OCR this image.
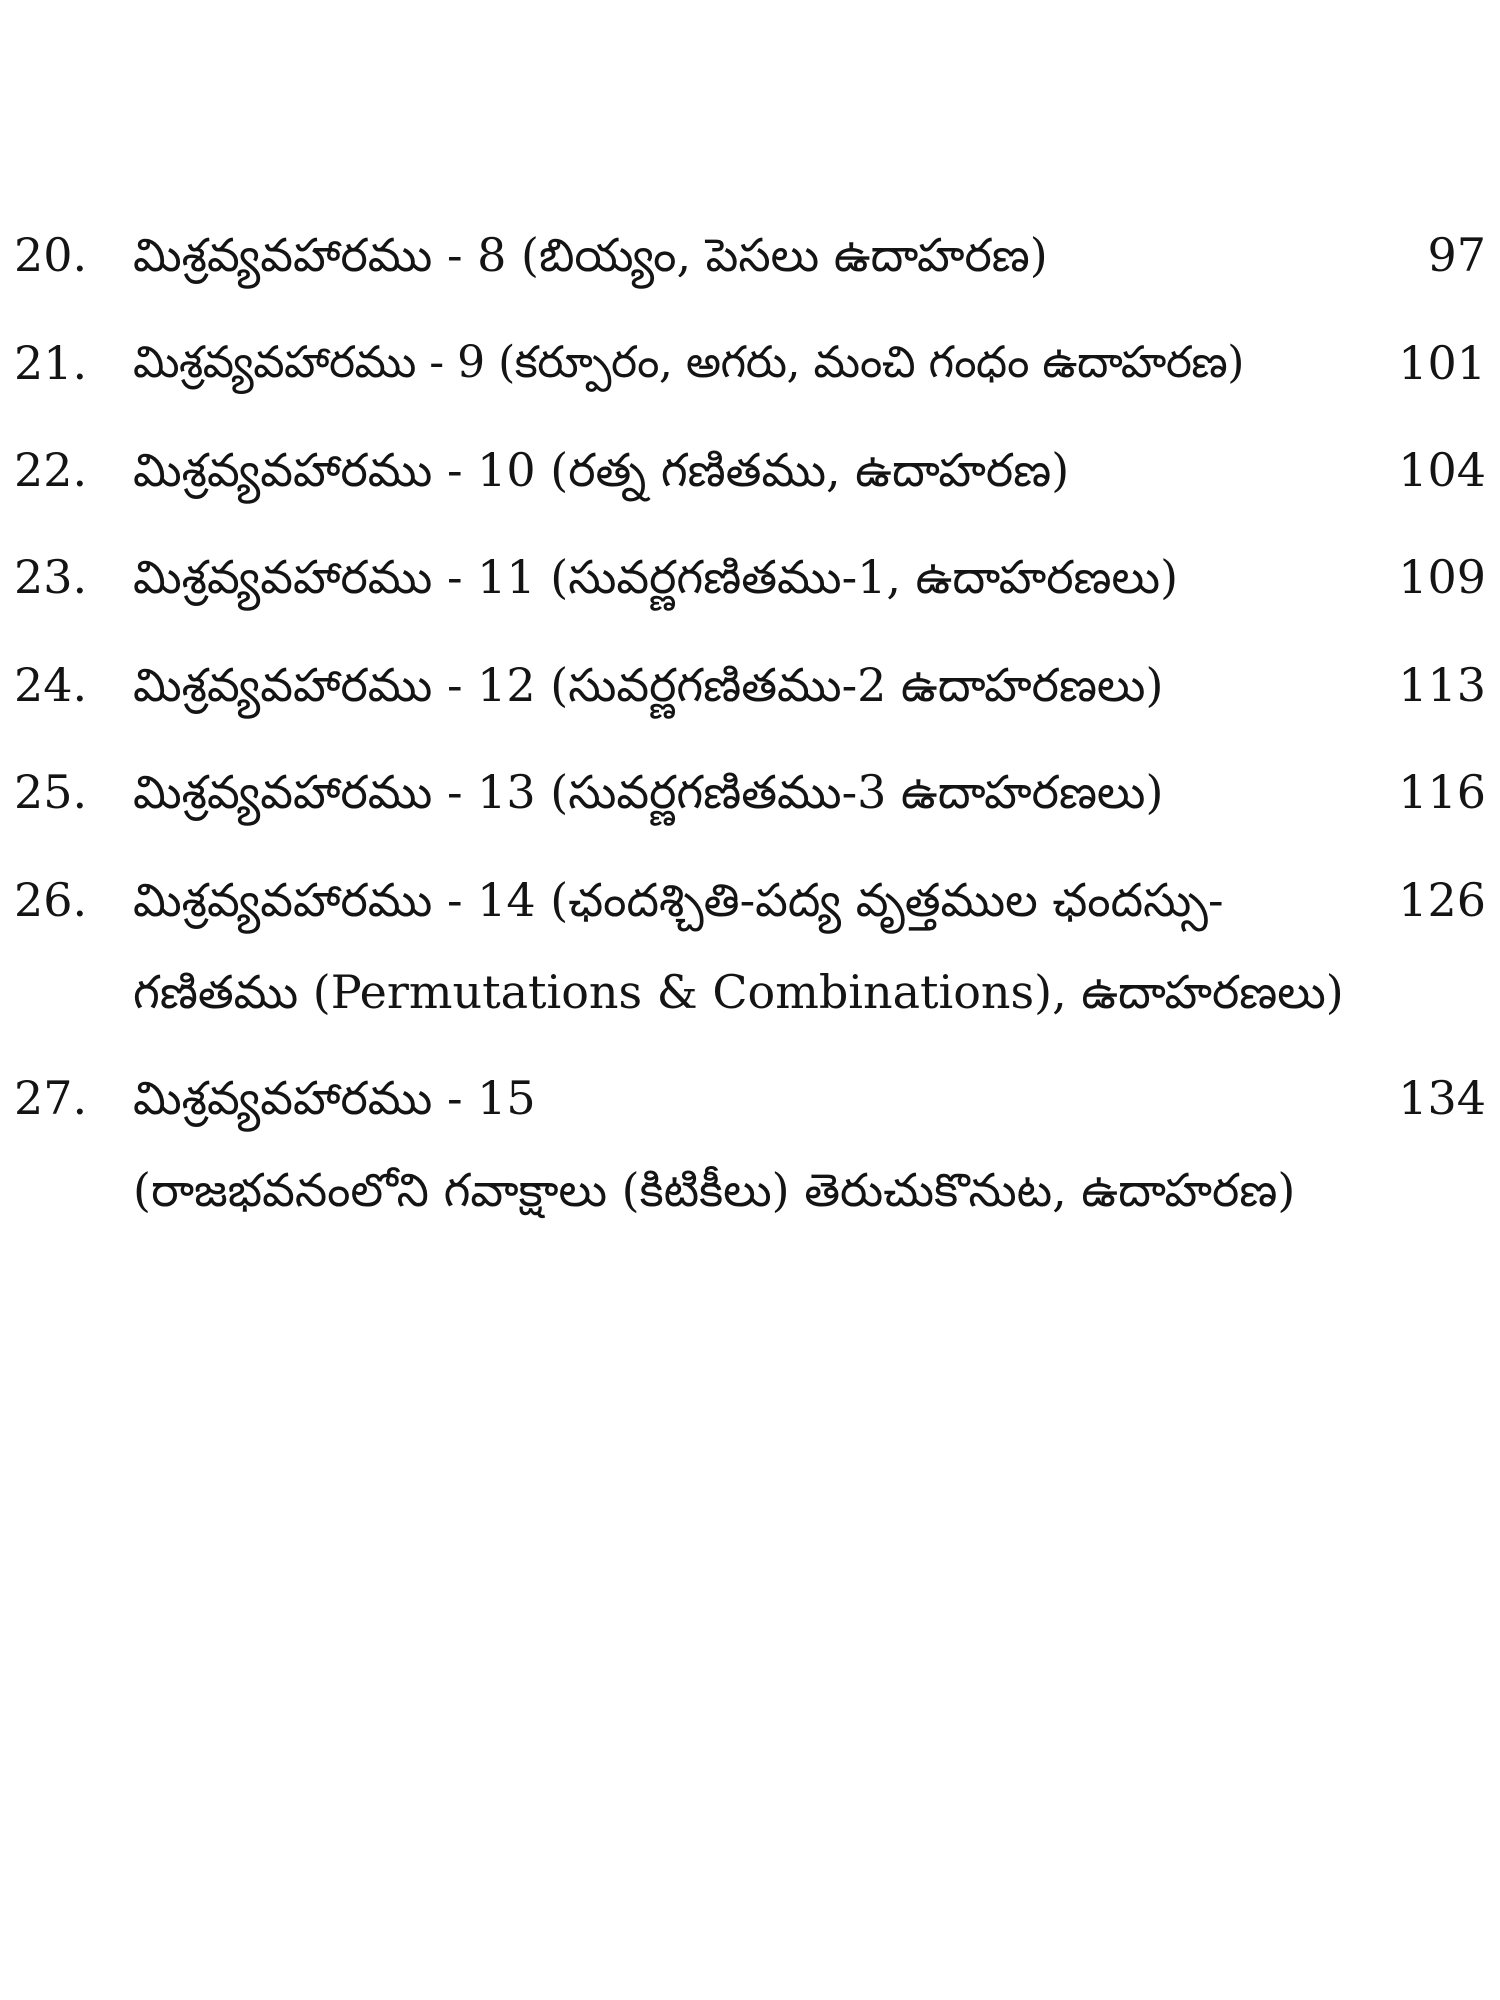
20. మిశ్రవ్యవహారము - 8 (బియ్యం, పెసలు ఉదాహరణ)	97
21. మిశ్రవ్యవహారము - 9 (కర్పూరం, అగరు, మంచి గంధం ఉదాహరణ)	101
22. మిశ్రవ్యవహారము - 10 (రత్న గణితము, ఉదాహరణ)	104
23. మిశ్రవ్యవహారము - 11 (సువర్ణగణితము-1, ఉదాహరణలు)	109
24. మిశ్రవ్యవహారము - 12 (సువర్ణగణితము-2 ఉదాహరణలు)	113
25. మిశ్రవ్యవహారము - 13 (సువర్ణగణితము-3 ఉదాహరణలు)	116
26. మిశ్రవ్యవహారము - 14 (ఛందశ్చితి-పద్య వృత్తముల ఛందస్సు-	126
గణితము (Permutations & Combinations), ఉదాహరణలు)
27. మిశ్రవ్యవహారము - 15	134
(రాజభవనంలోని గవాక్షాలు (కిటికీలు) తెరుచుకొనుట, ఉదాహరణ)
